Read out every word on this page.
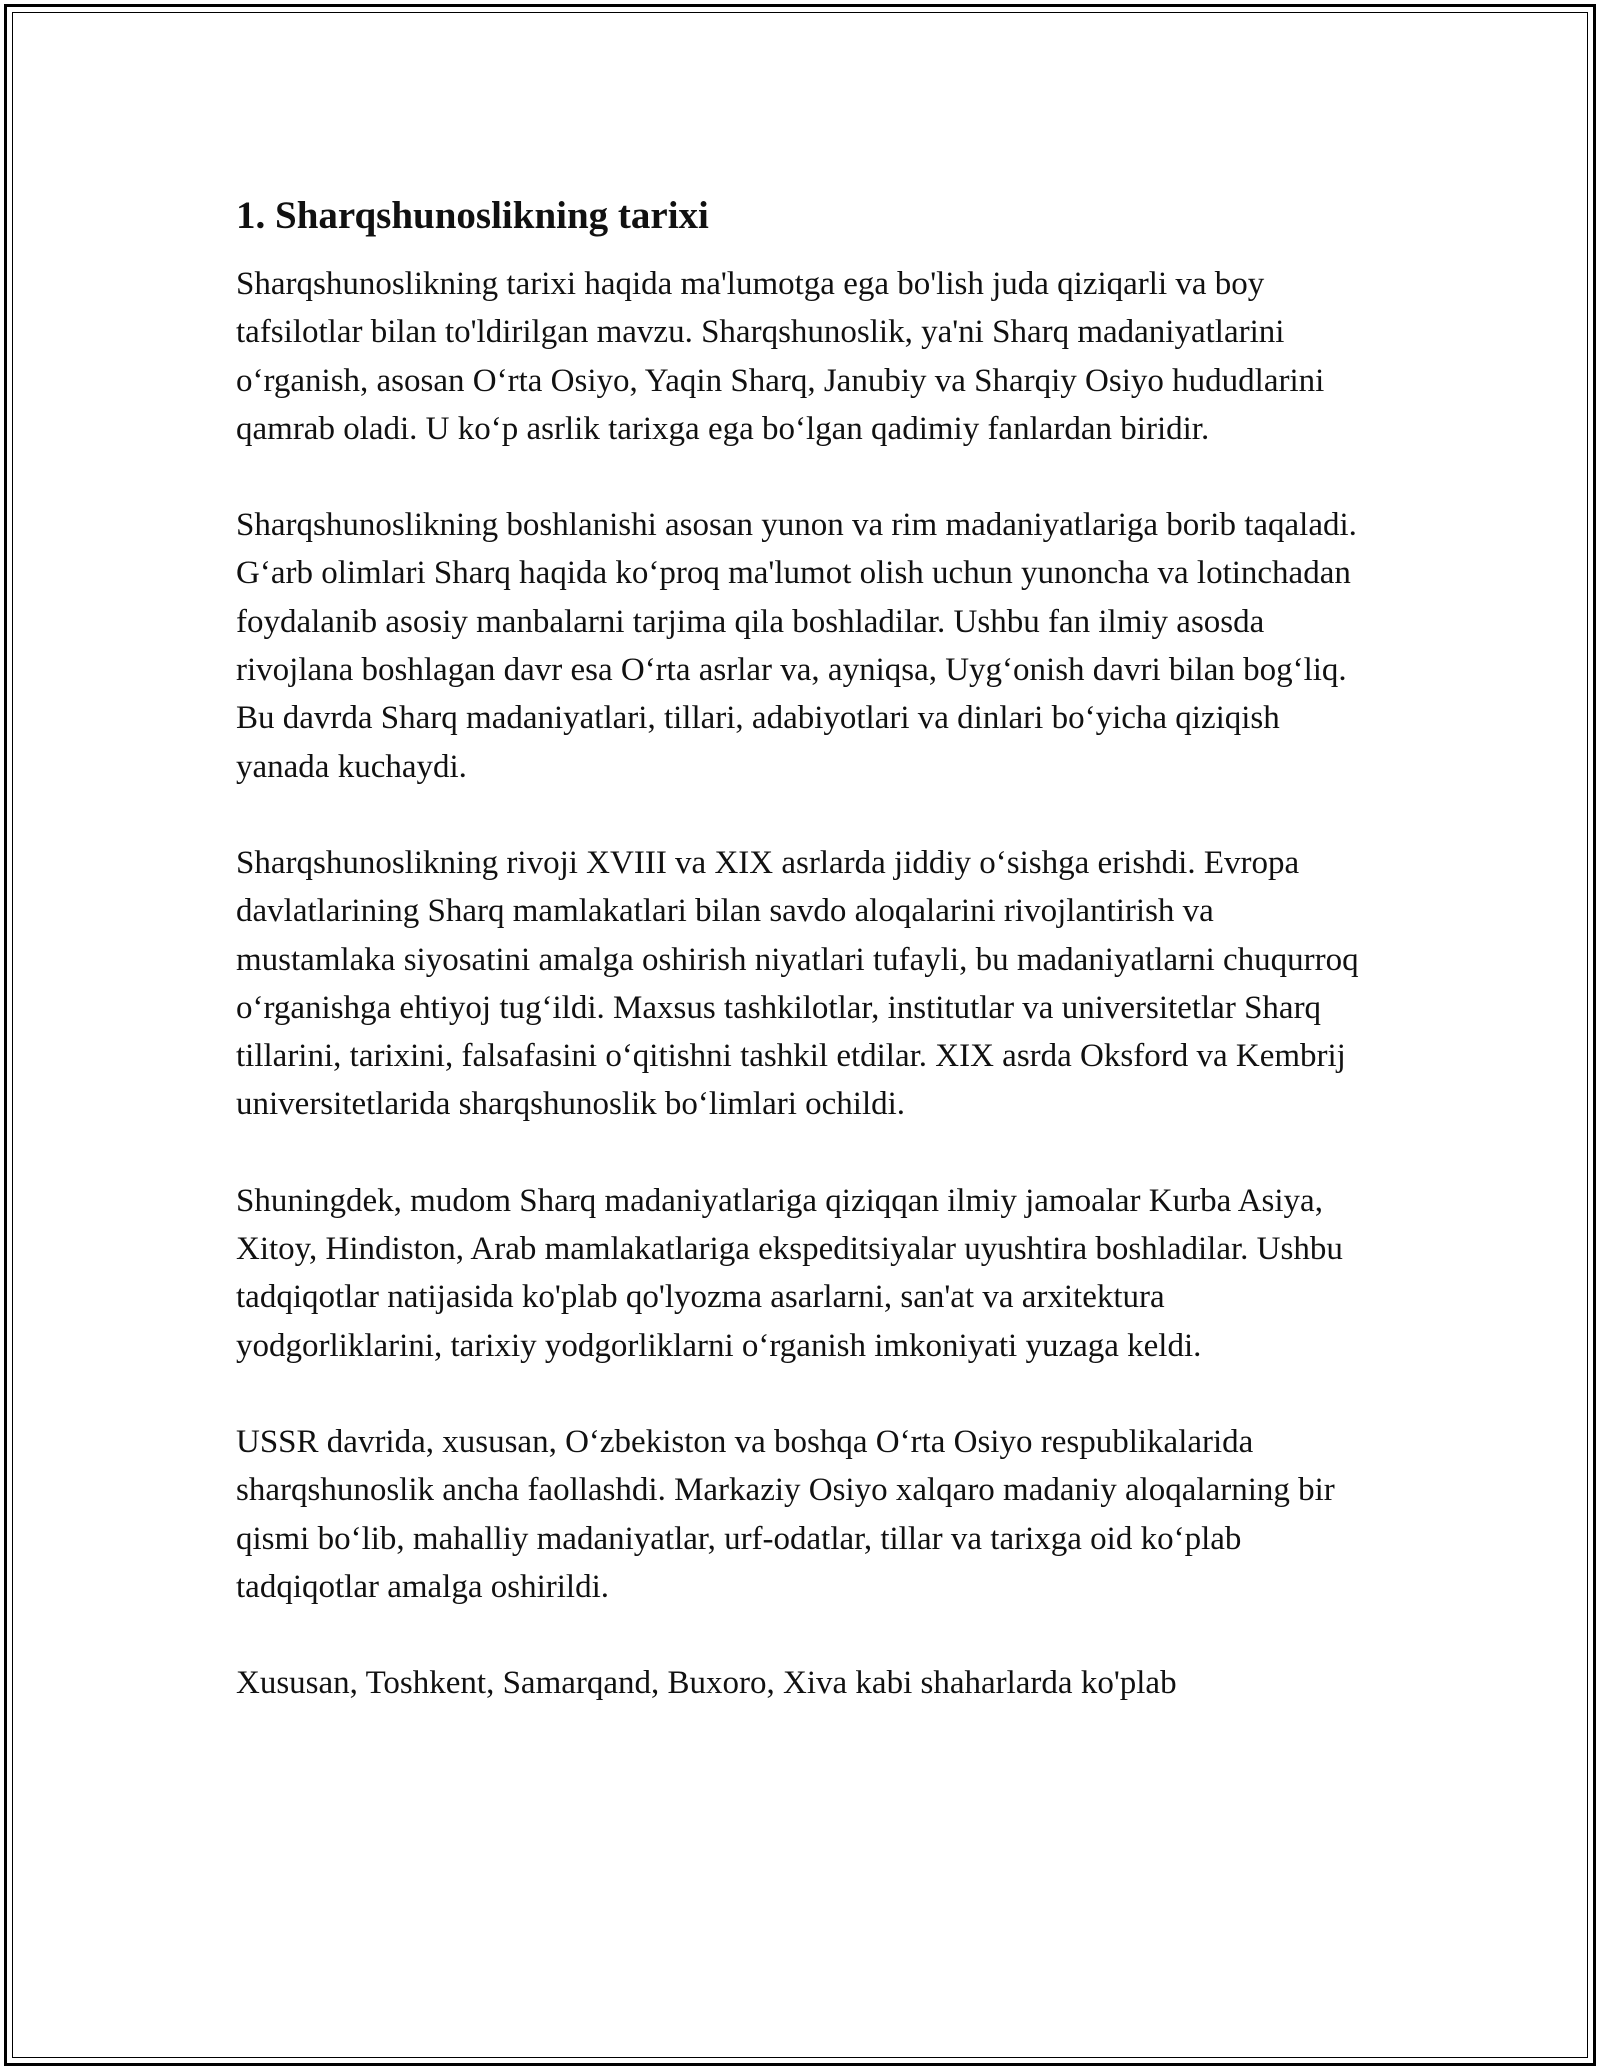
1. Sharqshunoslikning tarixi

Sharqshunoslikning tarixi haqida ma'lumotga ega bo'lish juda qiziqarli va boy tafsilotlar bilan to'ldirilgan mavzu. Sharqshunoslik, ya'ni Sharq madaniyatlarini oʻrganish, asosan Oʻrta Osiyo, Yaqin Sharq, Janubiy va Sharqiy Osiyo hududlarini qamrab oladi. U koʻp asrlik tarixga ega boʻlgan qadimiy fanlardan biridir.

Sharqshunoslikning boshlanishi asosan yunon va rim madaniyatlariga borib taqaladi. Gʻarb olimlari Sharq haqida koʻproq ma'lumot olish uchun yunoncha va lotinchadan foydalanib asosiy manbalarni tarjima qila boshladilar. Ushbu fan ilmiy asosda rivojlana boshlagan davr esa Oʻrta asrlar va, ayniqsa, Uygʻonish davri bilan bogʻliq. Bu davrda Sharq madaniyatlari, tillari, adabiyotlari va dinlari boʻyicha qiziqish yanada kuchaydi.

Sharqshunoslikning rivoji XVIII va XIX asrlarda jiddiy oʻsishga erishdi. Evropa davlatlarining Sharq mamlakatlari bilan savdo aloqalarini rivojlantirish va mustamlaka siyosatini amalga oshirish niyatlari tufayli, bu madaniyatlarni chuqurroq oʻrganishga ehtiyoj tugʻildi. Maxsus tashkilotlar, institutlar va universitetlar Sharq tillarini, tarixini, falsafasini oʻqitishni tashkil etdilar. XIX asrda Oksford va Kembrij universitetlarida sharqshunoslik boʻlimlari ochildi.

Shuningdek, mudom Sharq madaniyatlariga qiziqqan ilmiy jamoalar Kurba Asiya, Xitoy, Hindiston, Arab mamlakatlariga ekspeditsiyalar uyushtira boshladilar. Ushbu tadqiqotlar natijasida ko'plab qo'lyozma asarlarni, san'at va arxitektura yodgorliklarini, tarixiy yodgorliklarni oʻrganish imkoniyati yuzaga keldi.

USSR davrida, xususan, Oʻzbekiston va boshqa Oʻrta Osiyo respublikalarida sharqshunoslik ancha faollashdi. Markaziy Osiyo xalqaro madaniy aloqalarning bir qismi boʻlib, mahalliy madaniyatlar, urf-odatlar, tillar va tarixga oid koʻplab tadqiqotlar amalga oshirildi.

Xususan, Toshkent, Samarqand, Buxoro, Xiva kabi shaharlarda ko'plab
